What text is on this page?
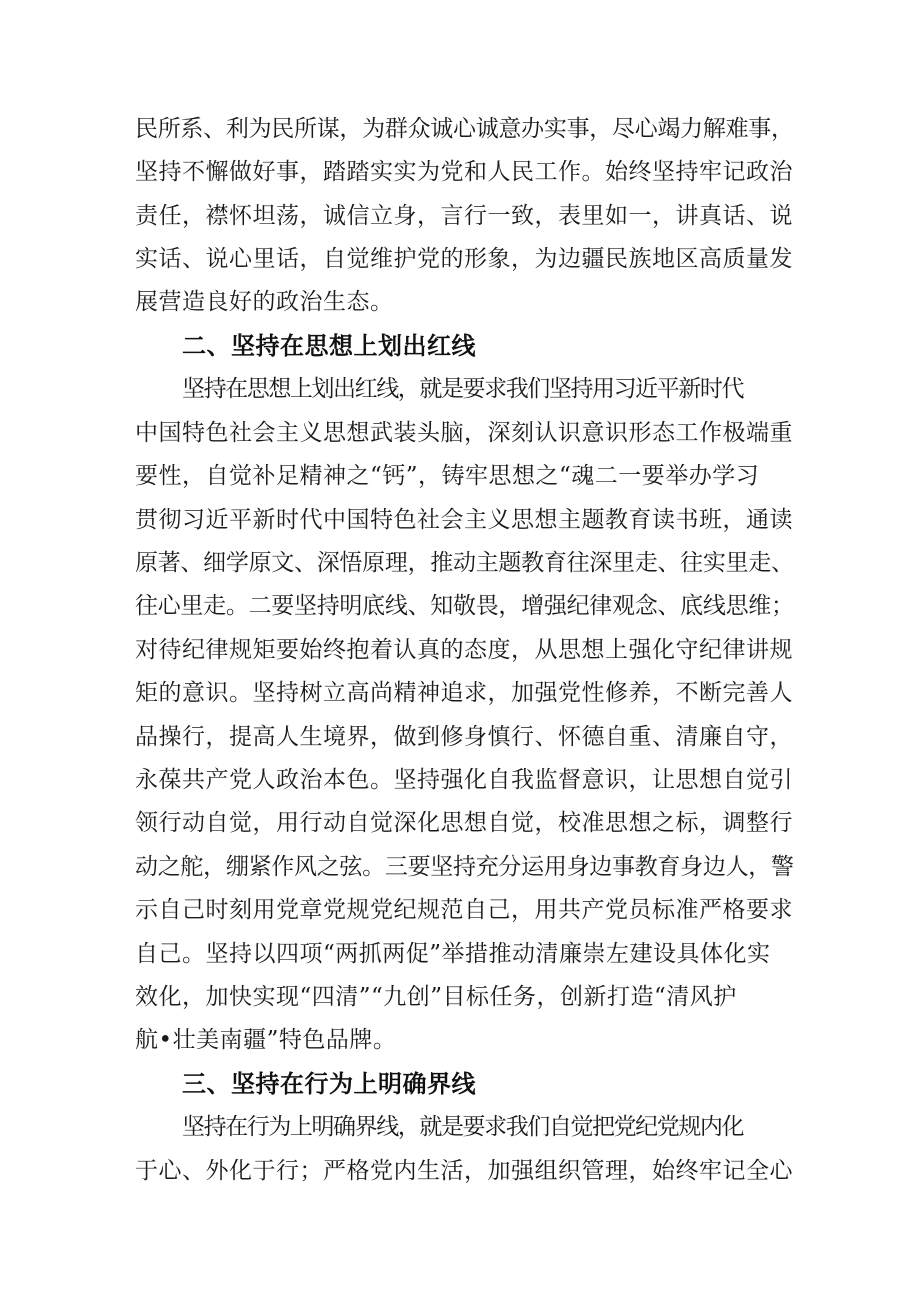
民所系、利为民所谋，为群众诚心诚意办实事，尽心竭力解难事，
坚持不懈做好事，踏踏实实为党和人民工作。始终坚持牢记政治
责任，襟怀坦荡，诚信立身，言行一致，表里如一，讲真话、说
实话、说心里话，自觉维护党的形象，为边疆民族地区高质量发
展营造良好的政治生态。
二、坚持在思想上划出红线
坚持在思想上划出红线，就是要求我们坚持用习近平新时代
中国特色社会主义思想武装头脑，深刻认识意识形态工作极端重
要性，自觉补足精神之“钙”，铸牢思想之“魂二一要举办学习
贯彻习近平新时代中国特色社会主义思想主题教育读书班，通读
原著、细学原文、深悟原理，推动主题教育往深里走、往实里走、
往心里走。二要坚持明底线、知敬畏，增强纪律观念、底线思维；
对待纪律规矩要始终抱着认真的态度，从思想上强化守纪律讲规
矩的意识。坚持树立高尚精神追求，加强党性修养，不断完善人
品操行，提高人生境界，做到修身慎行、怀德自重、清廉自守，
永葆共产党人政治本色。坚持强化自我监督意识，让思想自觉引
领行动自觉，用行动自觉深化思想自觉，校准思想之标，调整行
动之舵，绷紧作风之弦。三要坚持充分运用身边事教育身边人，警
示自己时刻用党章党规党纪规范自己，用共产党员标准严格要求
自己。坚持以四项“两抓两促”举措推动清廉崇左建设具体化实
效化，加快实现“四清”“九创”目标任务，创新打造“清风护
航•壮美南疆”特色品牌。
三、坚持在行为上明确界线
坚持在行为上明确界线，就是要求我们自觉把党纪党规内化
于心、外化于行；严格党内生活，加强组织管理，始终牢记全心
